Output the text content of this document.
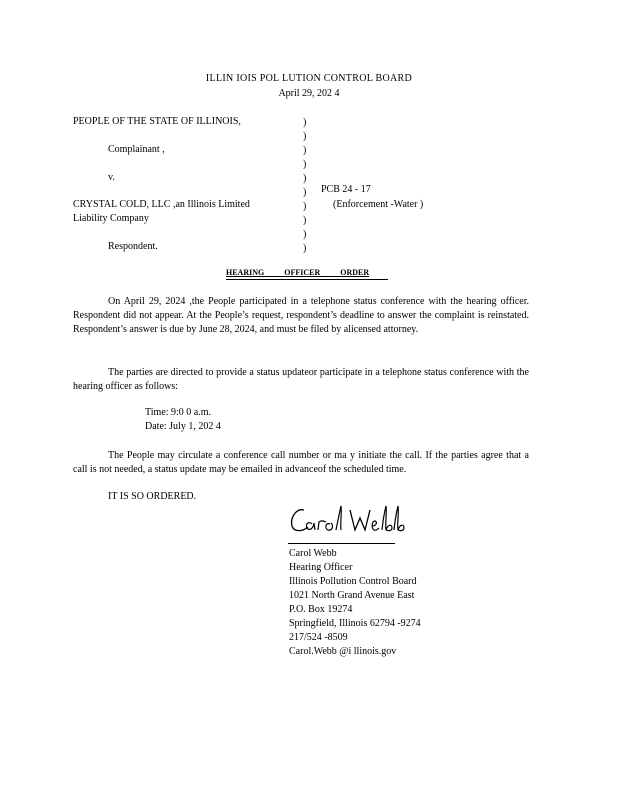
ILLIN IOIS POL LUTION CONTROL BOARD
April 29, 202 4
PEOPLE OF THE STATE OF ILLINOIS,
Complainant ,
v.
CRYSTAL COLD, LLC ,an Illinois Limited
Liability Company
Respondent.
)
)
)
)
)
)
)
)
)
)
PCB 24 - 17
(Enforcement -Water )
HEARING OFFICER ORDER
On April 29, 2024 ,the People participated in a telephone status conference with the hearing officer. Respondent did not appear. At the People’s request, respondent’s deadline to answer the complaint is reinstated. Respondent’s answer is due by June 28, 2024, and must be filed by alicensed attorney.
The parties are directed to provide a status updateor participate in a telephone status conference with the hearing officer as follows:
Time: 9:0 0 a.m.
Date: July 1, 202 4
The People may circulate a conference call number or ma y initiate the call. If the parties agree that a call is not needed, a status update may be emailed in advanceof the scheduled time.
IT IS SO ORDERED.
Carol Webb
Hearing Officer
Illinois Pollution Control Board
1021 North Grand Avenue East
P.O. Box 19274
Springfield, Illinois 62794 -9274
217/524 -8509
Carol.Webb @i llinois.gov
